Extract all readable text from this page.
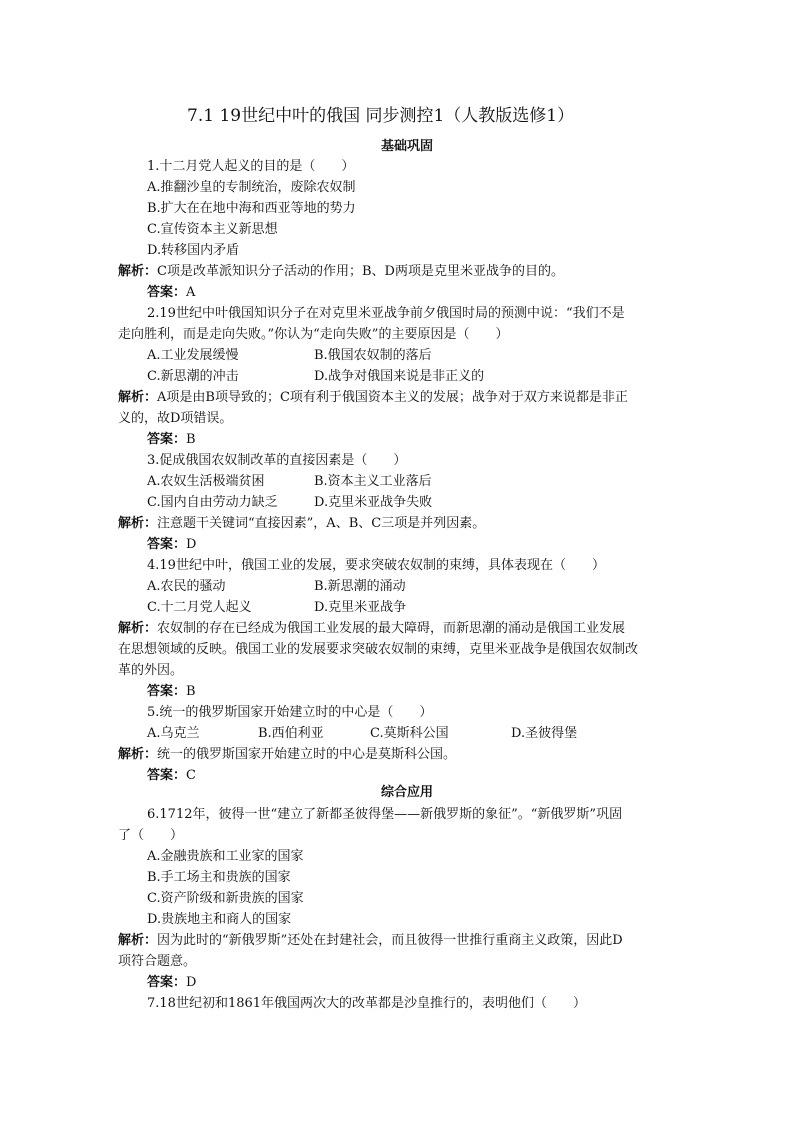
7.1 19世纪中叶的俄国 同步测控1（人教版选修1）
基础巩固
1.十二月党人起义的目的是（　　）
A.推翻沙皇的专制统治，废除农奴制
B.扩大在在地中海和西亚等地的势力
C.宣传资本主义新思想
D.转移国内矛盾
解析：C项是改革派知识分子活动的作用；B、D两项是克里米亚战争的目的。
答案：A
2.19世纪中叶俄国知识分子在对克里米亚战争前夕俄国时局的预测中说：“我们不是
走向胜利，而是走向失败。”你认为“走向失败”的主要原因是（　　）
A.工业发展缓慢	B.俄国农奴制的落后
C.新思潮的冲击	D.战争对俄国来说是非正义的
解析：A项是由B项导致的；C项有利于俄国资本主义的发展；战争对于双方来说都是非正
义的，故D项错误。
答案：B
3.促成俄国农奴制改革的直接因素是（　　）
A.农奴生活极端贫困	B.资本主义工业落后
C.国内自由劳动力缺乏	D.克里米亚战争失败
解析：注意题干关键词“直接因素”，A、B、C三项是并列因素。
答案：D
4.19世纪中叶，俄国工业的发展，要求突破农奴制的束缚，具体表现在（　　）
A.农民的骚动	B.新思潮的涌动
C.十二月党人起义	D.克里米亚战争
解析：农奴制的存在已经成为俄国工业发展的最大障碍，而新思潮的涌动是俄国工业发展
在思想领域的反映。俄国工业的发展要求突破农奴制的束缚，克里米亚战争是俄国农奴制改
革的外因。
答案：B
5.统一的俄罗斯国家开始建立时的中心是（　　）
A.乌克兰	B.西伯利亚	C.莫斯科公国	D.圣彼得堡
解析：统一的俄罗斯国家开始建立时的中心是莫斯科公国。
答案：C
综合应用
6.1712年，彼得一世“建立了新都圣彼得堡——新俄罗斯的象征”。“新俄罗斯”巩固
了（　　）
A.金融贵族和工业家的国家
B.手工场主和贵族的国家
C.资产阶级和新贵族的国家
D.贵族地主和商人的国家
解析：因为此时的“新俄罗斯”还处在封建社会，而且彼得一世推行重商主义政策，因此D
项符合题意。
答案：D
7.18世纪初和1861年俄国两次大的改革都是沙皇推行的，表明他们（　　）
